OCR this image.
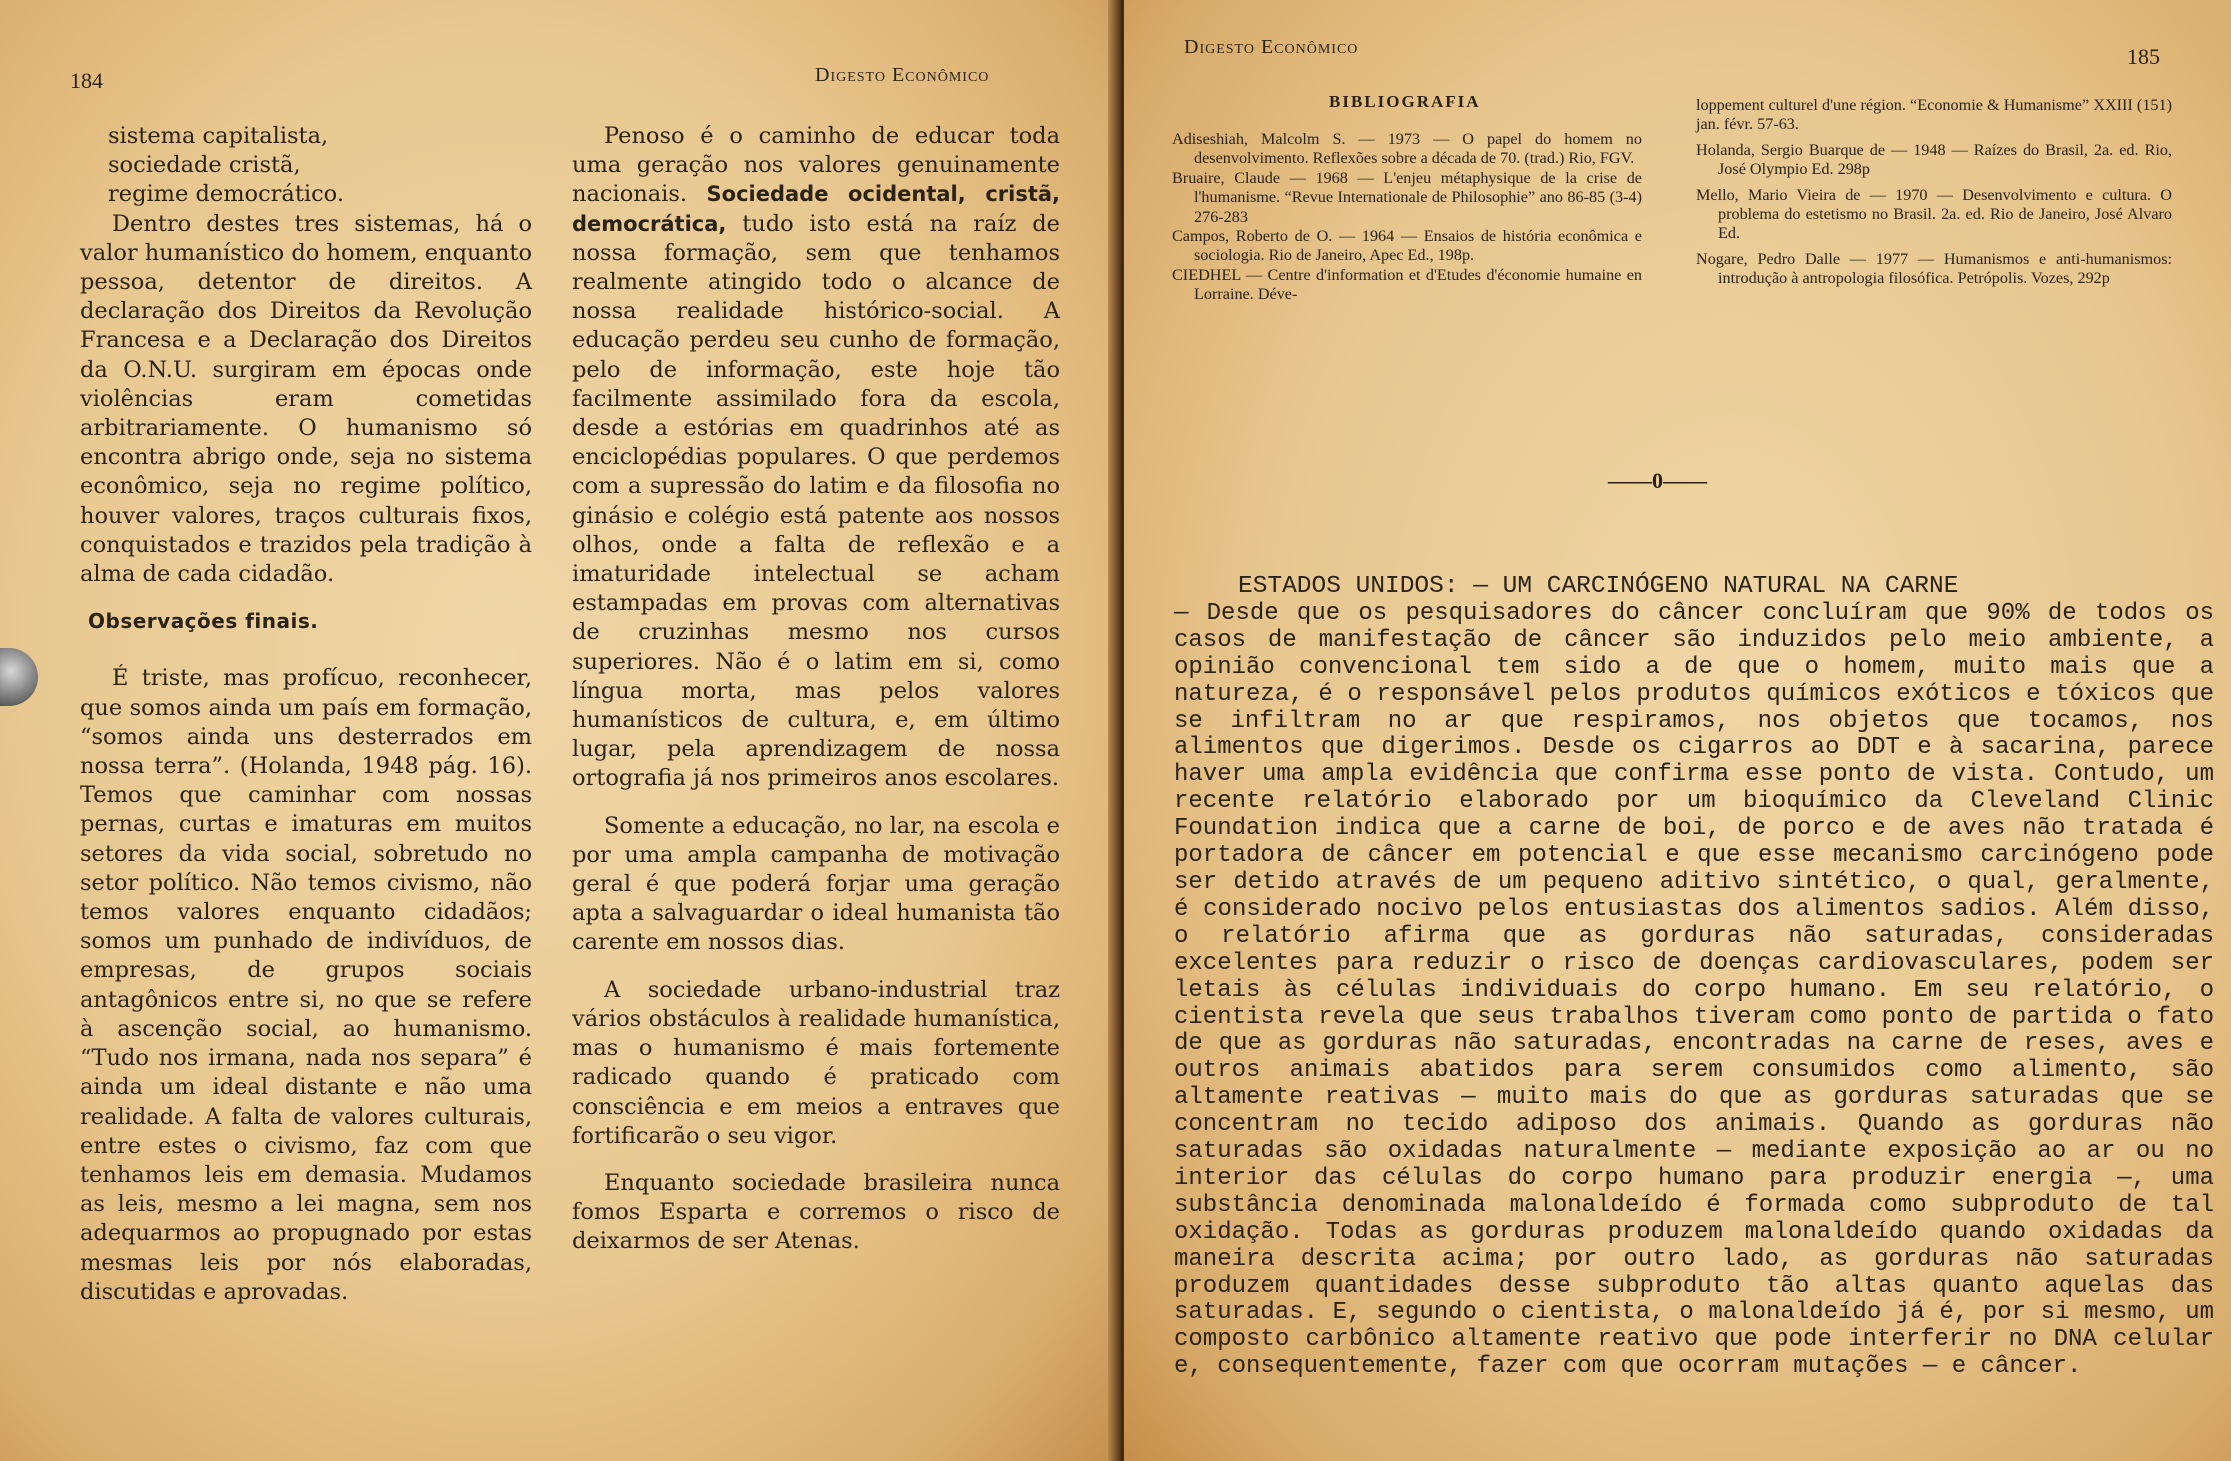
184	Digesto Econômico

sistema capitalista,

sociedade cristã,

regime democrático.

Dentro destes tres sistemas, há o valor humanístico do homem, enquanto pessoa, detentor de direitos. A declaração dos Direitos da Revolução Francesa e a Declaração dos Direitos da O.N.U. surgiram em épocas onde violências eram cometidas arbitrariamente. O humanismo só encontra abrigo onde, seja no sistema econômico, seja no regime político, houver valores, traços culturais fixos, conquistados e trazidos pela tradição à alma de cada cidadão.

Observações finais.

É triste, mas profícuo, reconhecer, que somos ainda um país em formação, “somos ainda uns desterrados em nossa terra”. (Holanda, 1948 pág. 16). Temos que caminhar com nossas pernas, curtas e imaturas em muitos setores da vida social, sobretudo no setor político. Não temos civismo, não temos valores enquanto cidadãos; somos um punhado de indivíduos, de empresas, de grupos sociais antagônicos entre si, no que se refere à ascenção social, ao humanismo. “Tudo nos irmana, nada nos separa” é ainda um ideal distante e não uma realidade. A falta de valores culturais, entre estes o civismo, faz com que tenhamos leis em demasia. Mudamos as leis, mesmo a lei magna, sem nos adequarmos ao propugnado por estas mesmas leis por nós elaboradas, discutidas e aprovadas.

Penoso é o caminho de educar toda uma geração nos valores genuinamente nacionais. Sociedade ocidental, cristã, democrática, tudo isto está na raíz de nossa formação, sem que tenhamos realmente atingido todo o alcance de nossa realidade histórico-social. A educação perdeu seu cunho de formação, pelo de informação, este hoje tão facilmente assimilado fora da escola, desde a estórias em quadrinhos até as enciclopédias populares. O que perdemos com a supressão do latim e da filosofia no ginásio e colégio está patente aos nossos olhos, onde a falta de reflexão e a imaturidade intelectual se acham estampadas em provas com alternativas de cruzinhas mesmo nos cursos superiores. Não é o latim em si, como língua morta, mas pelos valores humanísticos de cultura, e, em último lugar, pela aprendizagem de nossa ortografia já nos primeiros anos escolares.

Somente a educação, no lar, na escola e por uma ampla campanha de motivação geral é que poderá forjar uma geração apta a salvaguardar o ideal humanista tão carente em nossos dias.

A sociedade urbano-industrial traz vários obstáculos à realidade humanística, mas o humanismo é mais fortemente radicado quando é praticado com consciência e em meios a entraves que fortificarão o seu vigor.

Enquanto sociedade brasileira nunca fomos Esparta e corremos o risco de deixarmos de ser Atenas.

Digesto Econômico	185
BIBLIOGRAFIA

Adiseshiah, Malcolm S. — 1973 — O papel do homem no desenvolvimento. Reflexões sobre a década de 70. (trad.) Rio, FGV.

Bruaire, Claude — 1968 — L'enjeu métaphysique de la crise de l'humanisme. “Revue Internationale de Philosophie” ano 86-85 (3-4) 276-283

Campos, Roberto de O. — 1964 — Ensaios de história econômica e sociologia. Rio de Janeiro, Apec Ed., 198p.

CIEDHEL — Centre d'information et d'Etudes d'économie humaine en Lorraine. Déve-

loppement culturel d'une région. “Economie & Humanisme” XXIII (151) jan. févr. 57-63.

Holanda, Sergio Buarque de — 1948 — Raízes do Brasil, 2a. ed. Rio, José Olympio Ed. 298p

Mello, Mario Vieira de — 1970 — Desenvolvimento e cultura. O problema do estetismo no Brasil. 2a. ed. Rio de Janeiro, José Alvaro Ed.

Nogare, Pedro Dalle — 1977 — Humanismos e anti-humanismos: introdução à antropologia filosófica. Petrópolis. Vozes, 292p

——0——

ESTADOS UNIDOS: — UM CARCINÓGENO NATURAL NA CARNE

— Desde que os pesquisadores do câncer concluíram que 90% de todos os casos de manifestação de câncer são induzidos pelo meio ambiente, a opinião convencional tem sido a de que o homem, muito mais que a natureza, é o responsável pelos produtos químicos exóticos e tóxicos que se infiltram no ar que respiramos, nos objetos que tocamos, nos alimentos que digerimos. Desde os cigarros ao DDT e à sacarina, parece haver uma ampla evidência que confirma esse ponto de vista. Contudo, um recente relatório elaborado por um bioquímico da Cleveland Clinic Foundation indica que a carne de boi, de porco e de aves não tratada é portadora de câncer em potencial e que esse mecanismo carcinógeno pode ser detido através de um pequeno aditivo sintético, o qual, geralmente, é considerado nocivo pelos entusiastas dos alimentos sadios. Além disso, o relatório afirma que as gorduras não saturadas, consideradas excelentes para reduzir o risco de doenças cardiovasculares, podem ser letais às células individuais do corpo humano. Em seu relatório, o cientista revela que seus trabalhos tiveram como ponto de partida o fato de que as gorduras não saturadas, encontradas na carne de reses, aves e outros animais abatidos para serem consumidos como alimento, são altamente reativas — muito mais do que as gorduras saturadas que se concentram no tecido adiposo dos animais. Quando as gorduras não saturadas são oxidadas naturalmente — mediante exposição ao ar ou no interior das células do corpo humano para produzir energia —, uma substância denominada malonaldeído é formada como subproduto de tal oxidação. Todas as gorduras produzem malonaldeído quando oxidadas da maneira descrita acima; por outro lado, as gorduras não saturadas produzem quantidades desse subproduto tão altas quanto aquelas das saturadas. E, segundo o cientista, o malonaldeído já é, por si mesmo, um composto carbônico altamente reativo que pode interferir no DNA celular e, consequentemente, fazer com que ocorram mutações — e câncer.
